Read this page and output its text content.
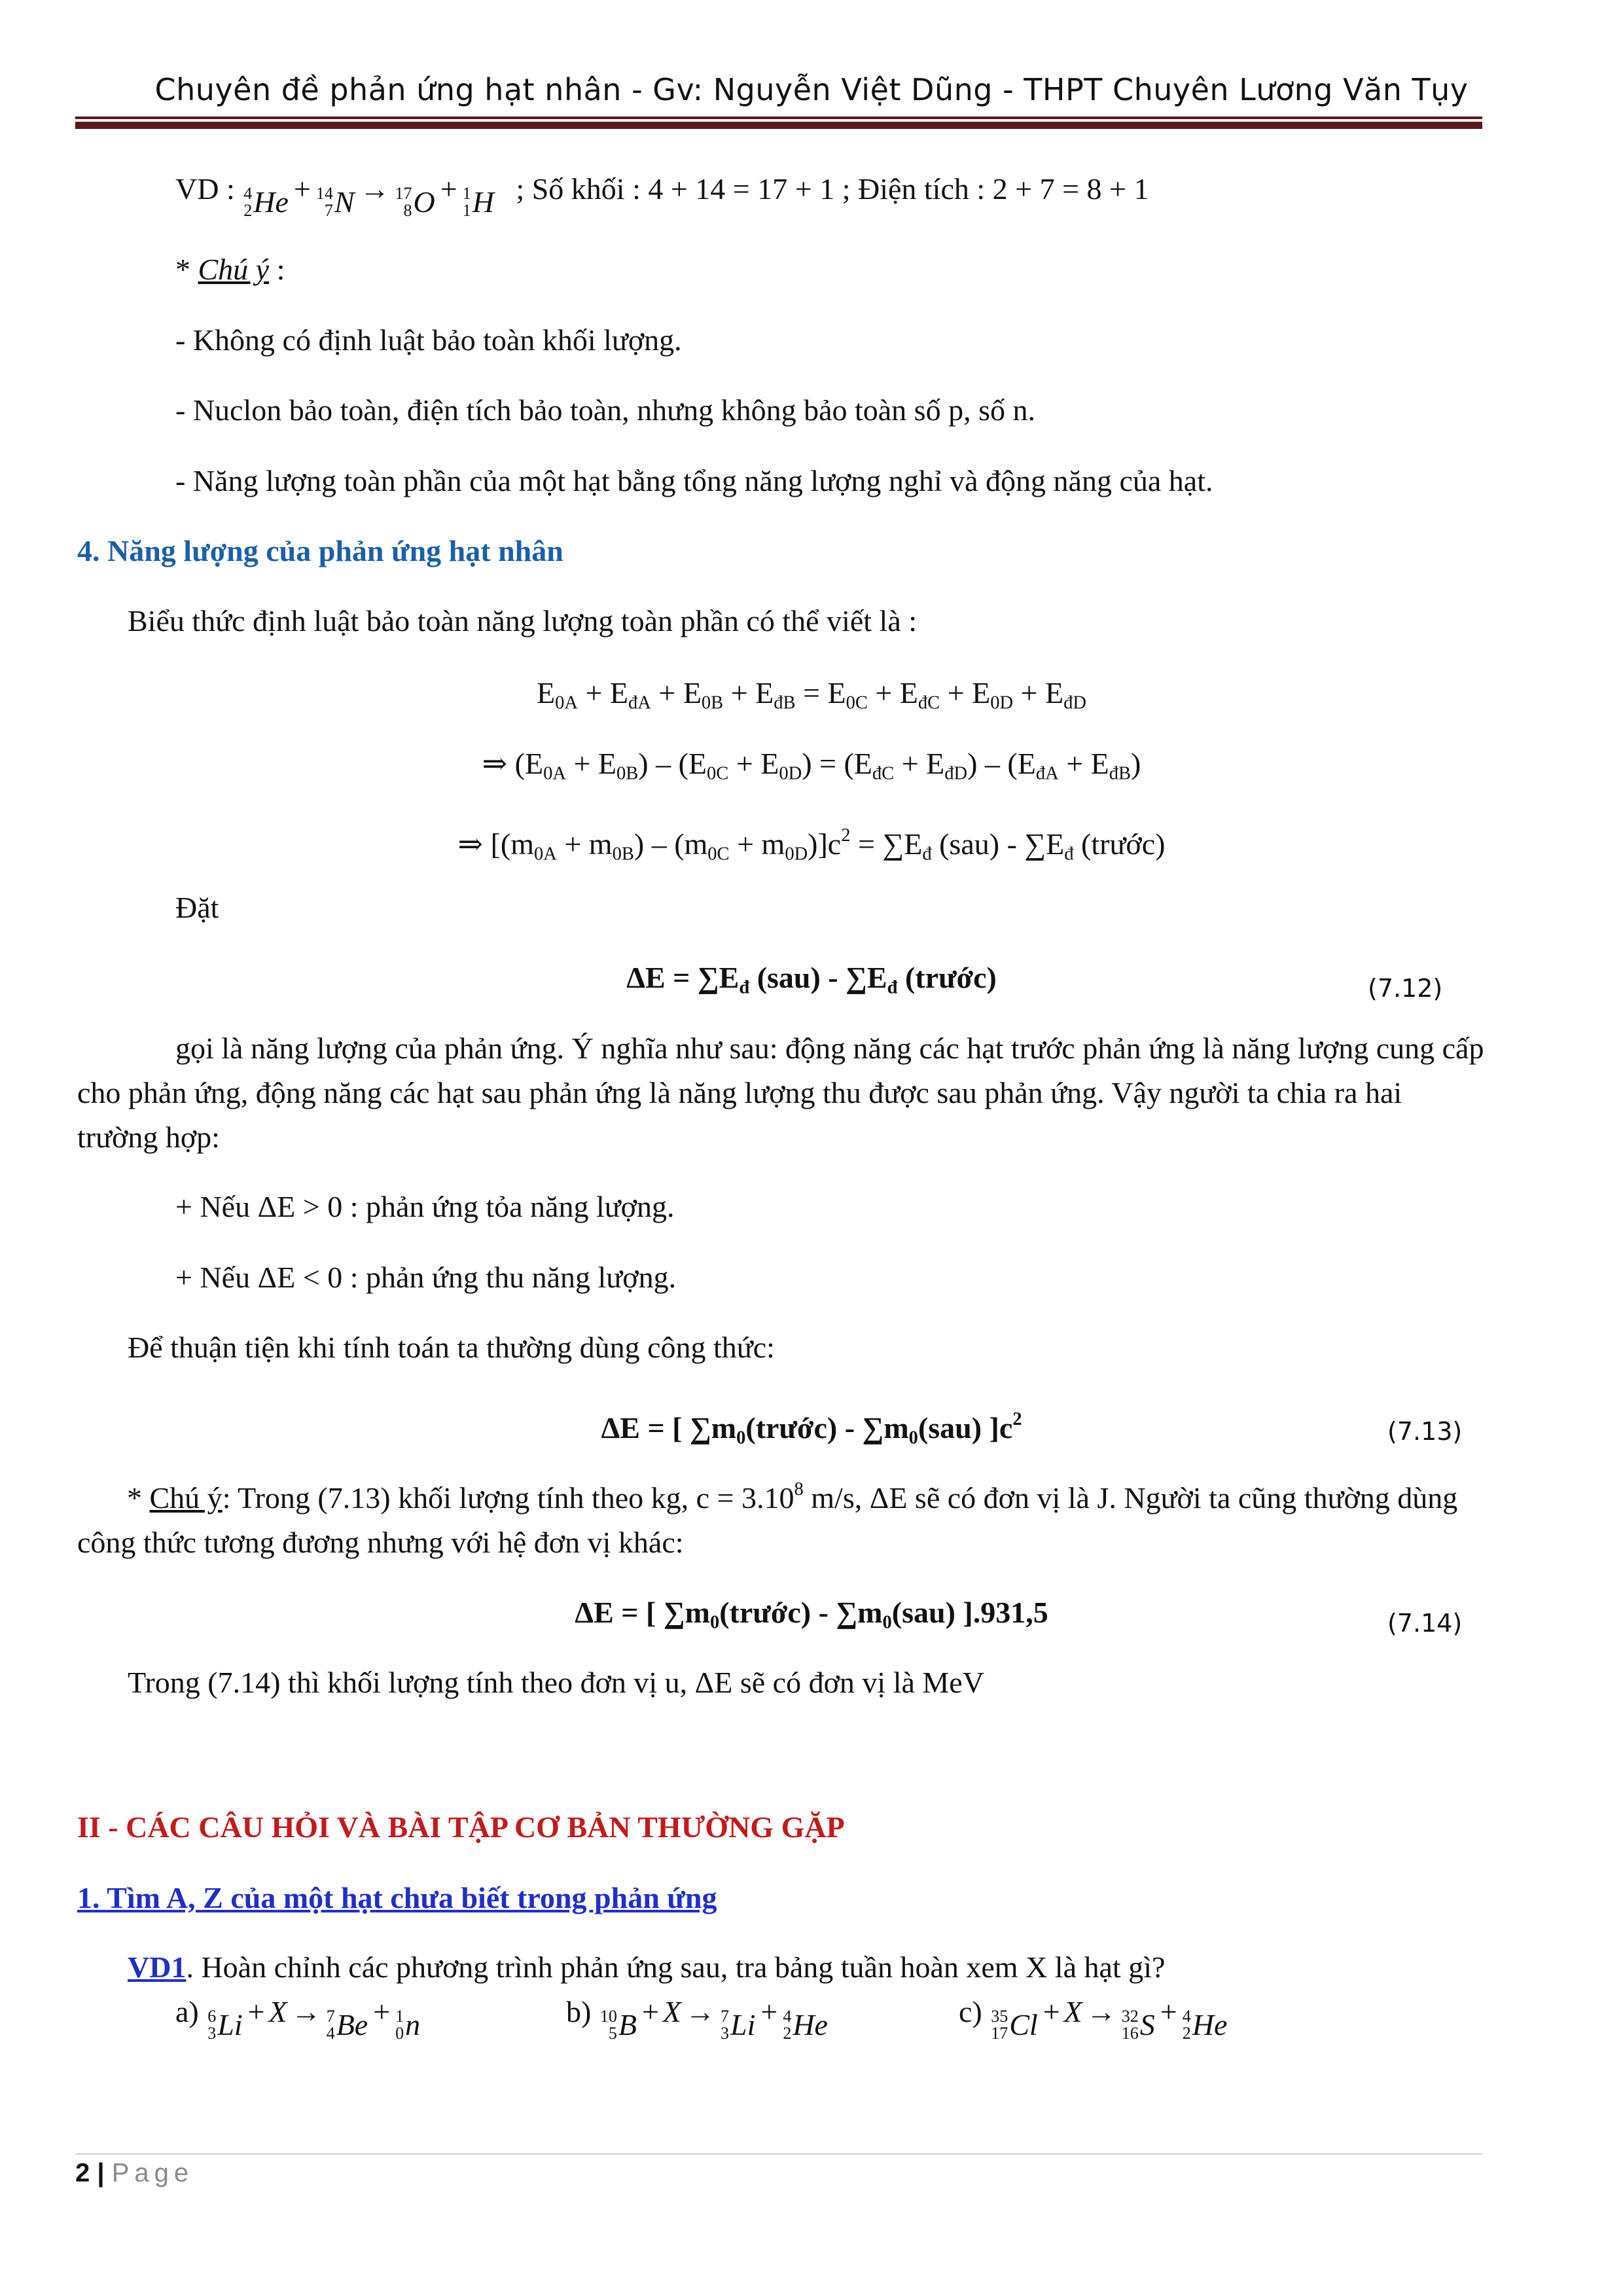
Chuyên đề phản ứng hạt nhân - Gv: Nguyễn Việt Dũng - THPT Chuyên Lương Văn Tụy
VD : 4
2 He + 14
7 N → 17
8 O + 1
1 H ; Số khối : 4 + 14 = 17 + 1 ; Điện tích : 2 + 7 = 8 + 1
* Chú ý :
- Không có định luật bảo toàn khối lượng.
- Nuclon bảo toàn, điện tích bảo toàn, nhưng không bảo toàn số p, số n.
- Năng lượng toàn phần của một hạt bằng tổng năng lượng nghỉ và động năng của hạt.
4. Năng lượng của phản ứng hạt nhân
Biểu thức định luật bảo toàn năng lượng toàn phần có thể viết là :
$E_{0A} + E_{đA} + E_{0B} + E_{đB} = E_{0C} + E_{đC} + E_{0D} + E_{đD}$
⇒ $(E_{0A} + E_{0B}) - (E_{0C} + E_{0D}) = (E_{đC} + E_{đD}) - (E_{đA} + E_{đB})$
⇒ $[(m_{0A} + m_{0B}) - (m_{0C} + m_{0D})]c^2 = \sum E_đ$ $(sau) - \sum E_đ$ (trước)
Đặt
$\Delta E = \sum E_đ$ $(sau) - \sum E_đ$ (trước)	(7.12)
gọi là năng lượng của phản ứng. Ý nghĩa như sau: động năng các hạt trước phản ứng là năng lượng cung cấp cho phản ứng, động năng các hạt sau phản ứng là năng lượng thu được sau phản ứng. Vậy người ta chia ra hai trường hợp:
+ Nếu ΔE > 0 : phản ứng tỏa năng lượng.
+ Nếu ΔE < 0 : phản ứng thu năng lượng.
Để thuận tiện khi tính toán ta thường dùng công thức:
ΔE = [ $\sum m_0(trước) - \sum m_0(sau)$ ]$c^2$	(7.13)
* Chú ý: Trong (7.13) khối lượng tính theo kg, $c = 3.10^8$ m/s, ΔE sẽ có đơn vị là J. Người ta cũng thường dùng công thức tương đương nhưng với hệ đơn vị khác:
ΔE = [ $\sum m_0(trước) - \sum m_0(sau)$ ].931,5	(7.14)
Trong (7.14) thì khối lượng tính theo đơn vị u, ΔE sẽ có đơn vị là MeV
II - CÁC CÂU HỎI VÀ BÀI TẬP CƠ BẢN THƯỜNG GẶP
1. Tìm A, Z của một hạt chưa biết trong phản ứng
VD1. Hoàn chỉnh các phương trình phản ứng sau, tra bảng tuần hoàn xem X là hạt gì?
a) 6
3 Li + X → 7
4 Be + 1
0 n	b) 10
5 B + X → 7
3 Li + 4
2 He	c) 35
17 Cl + X → 32
16 S + 4
2 He
2 | Page
